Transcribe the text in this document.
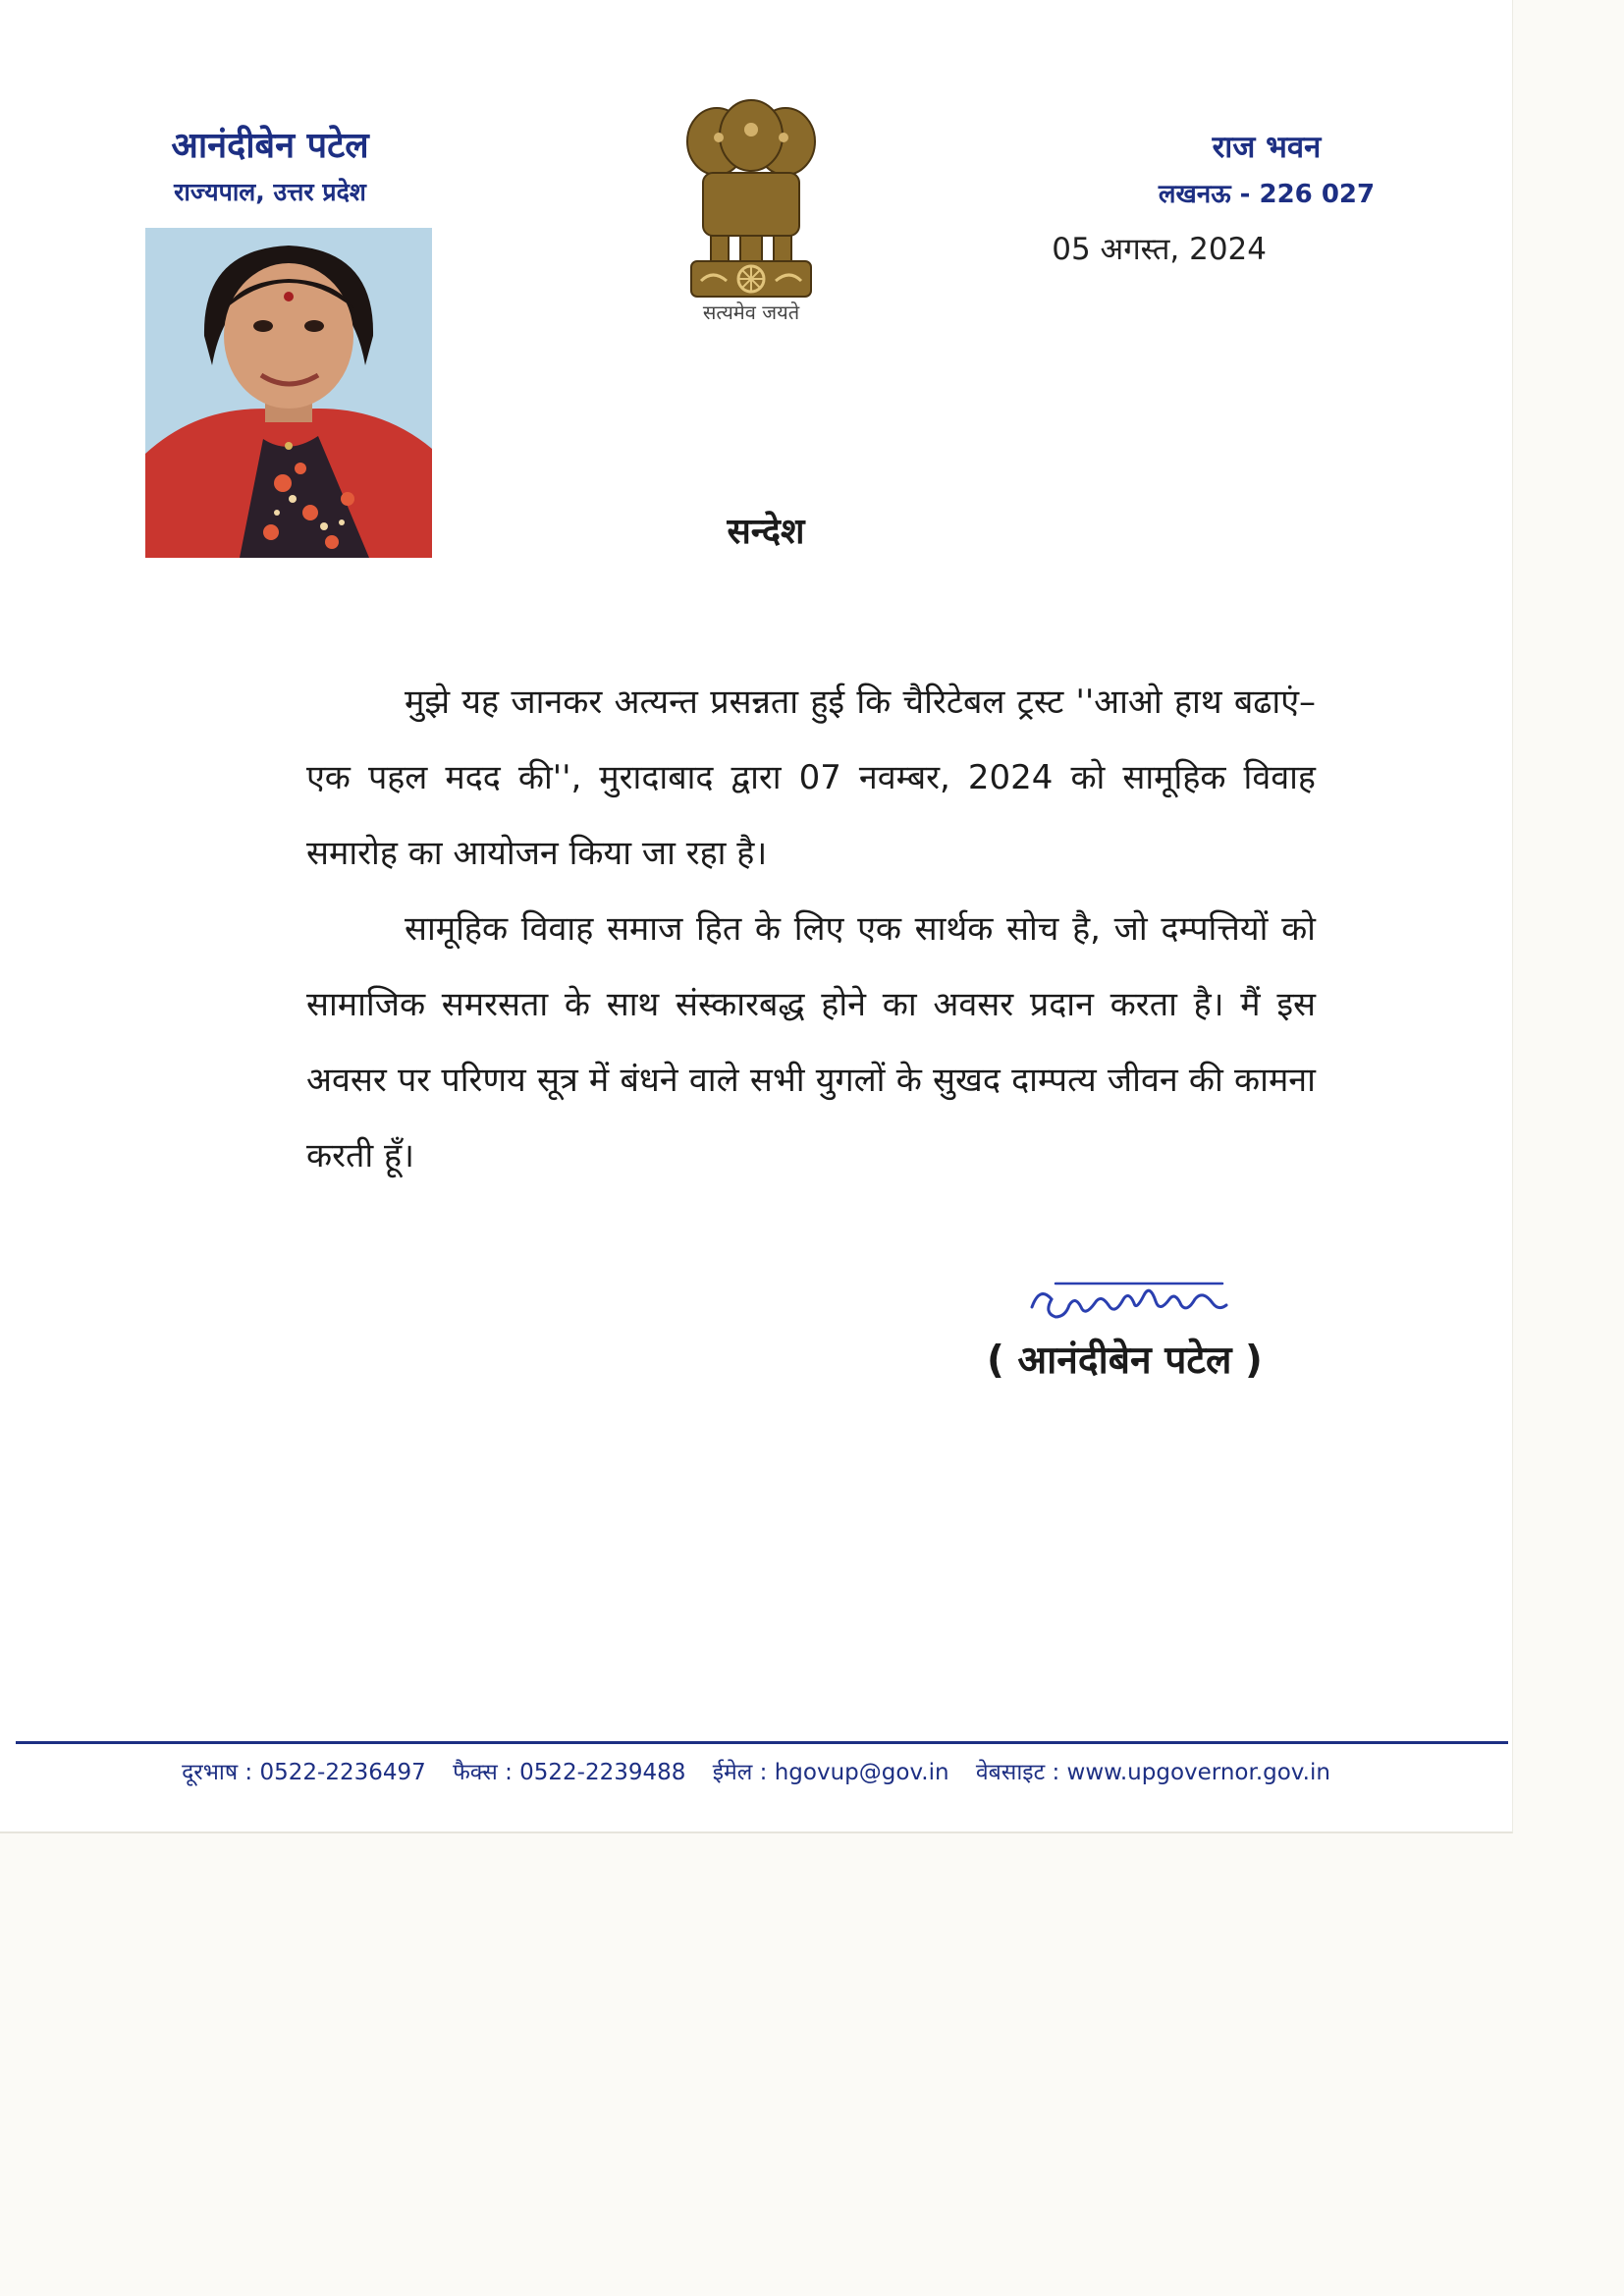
आनंदीबेन पटेल
राज्यपाल, उत्तर प्रदेश
सत्यमेव जयते
राज भवन
लखनऊ - 226 027
05 अगस्त, 2024
सन्देश

मुझे यह जानकर अत्यन्त प्रसन्नता हुई कि चैरिटेबल ट्रस्ट ''आओ हाथ बढाएं–एक पहल मदद की'', मुरादाबाद द्वारा 07 नवम्बर, 2024 को सामूहिक विवाह समारोह का आयोजन किया जा रहा है।

सामूहिक विवाह समाज हित के लिए एक सार्थक सोच है, जो दम्पत्तियों को सामाजिक समरसता के साथ संस्कारबद्ध होने का अवसर प्रदान करता है। मैं इस अवसर पर परिणय सूत्र में बंधने वाले सभी युगलों के सुखद दाम्पत्य जीवन की कामना करती हूँ।

( आनंदीबेन पटेल )
दूरभाष : 0522-2236497 फैक्स : 0522-2239488 ईमेल : hgovup@gov.in वेबसाइट : www.upgovernor.gov.in
